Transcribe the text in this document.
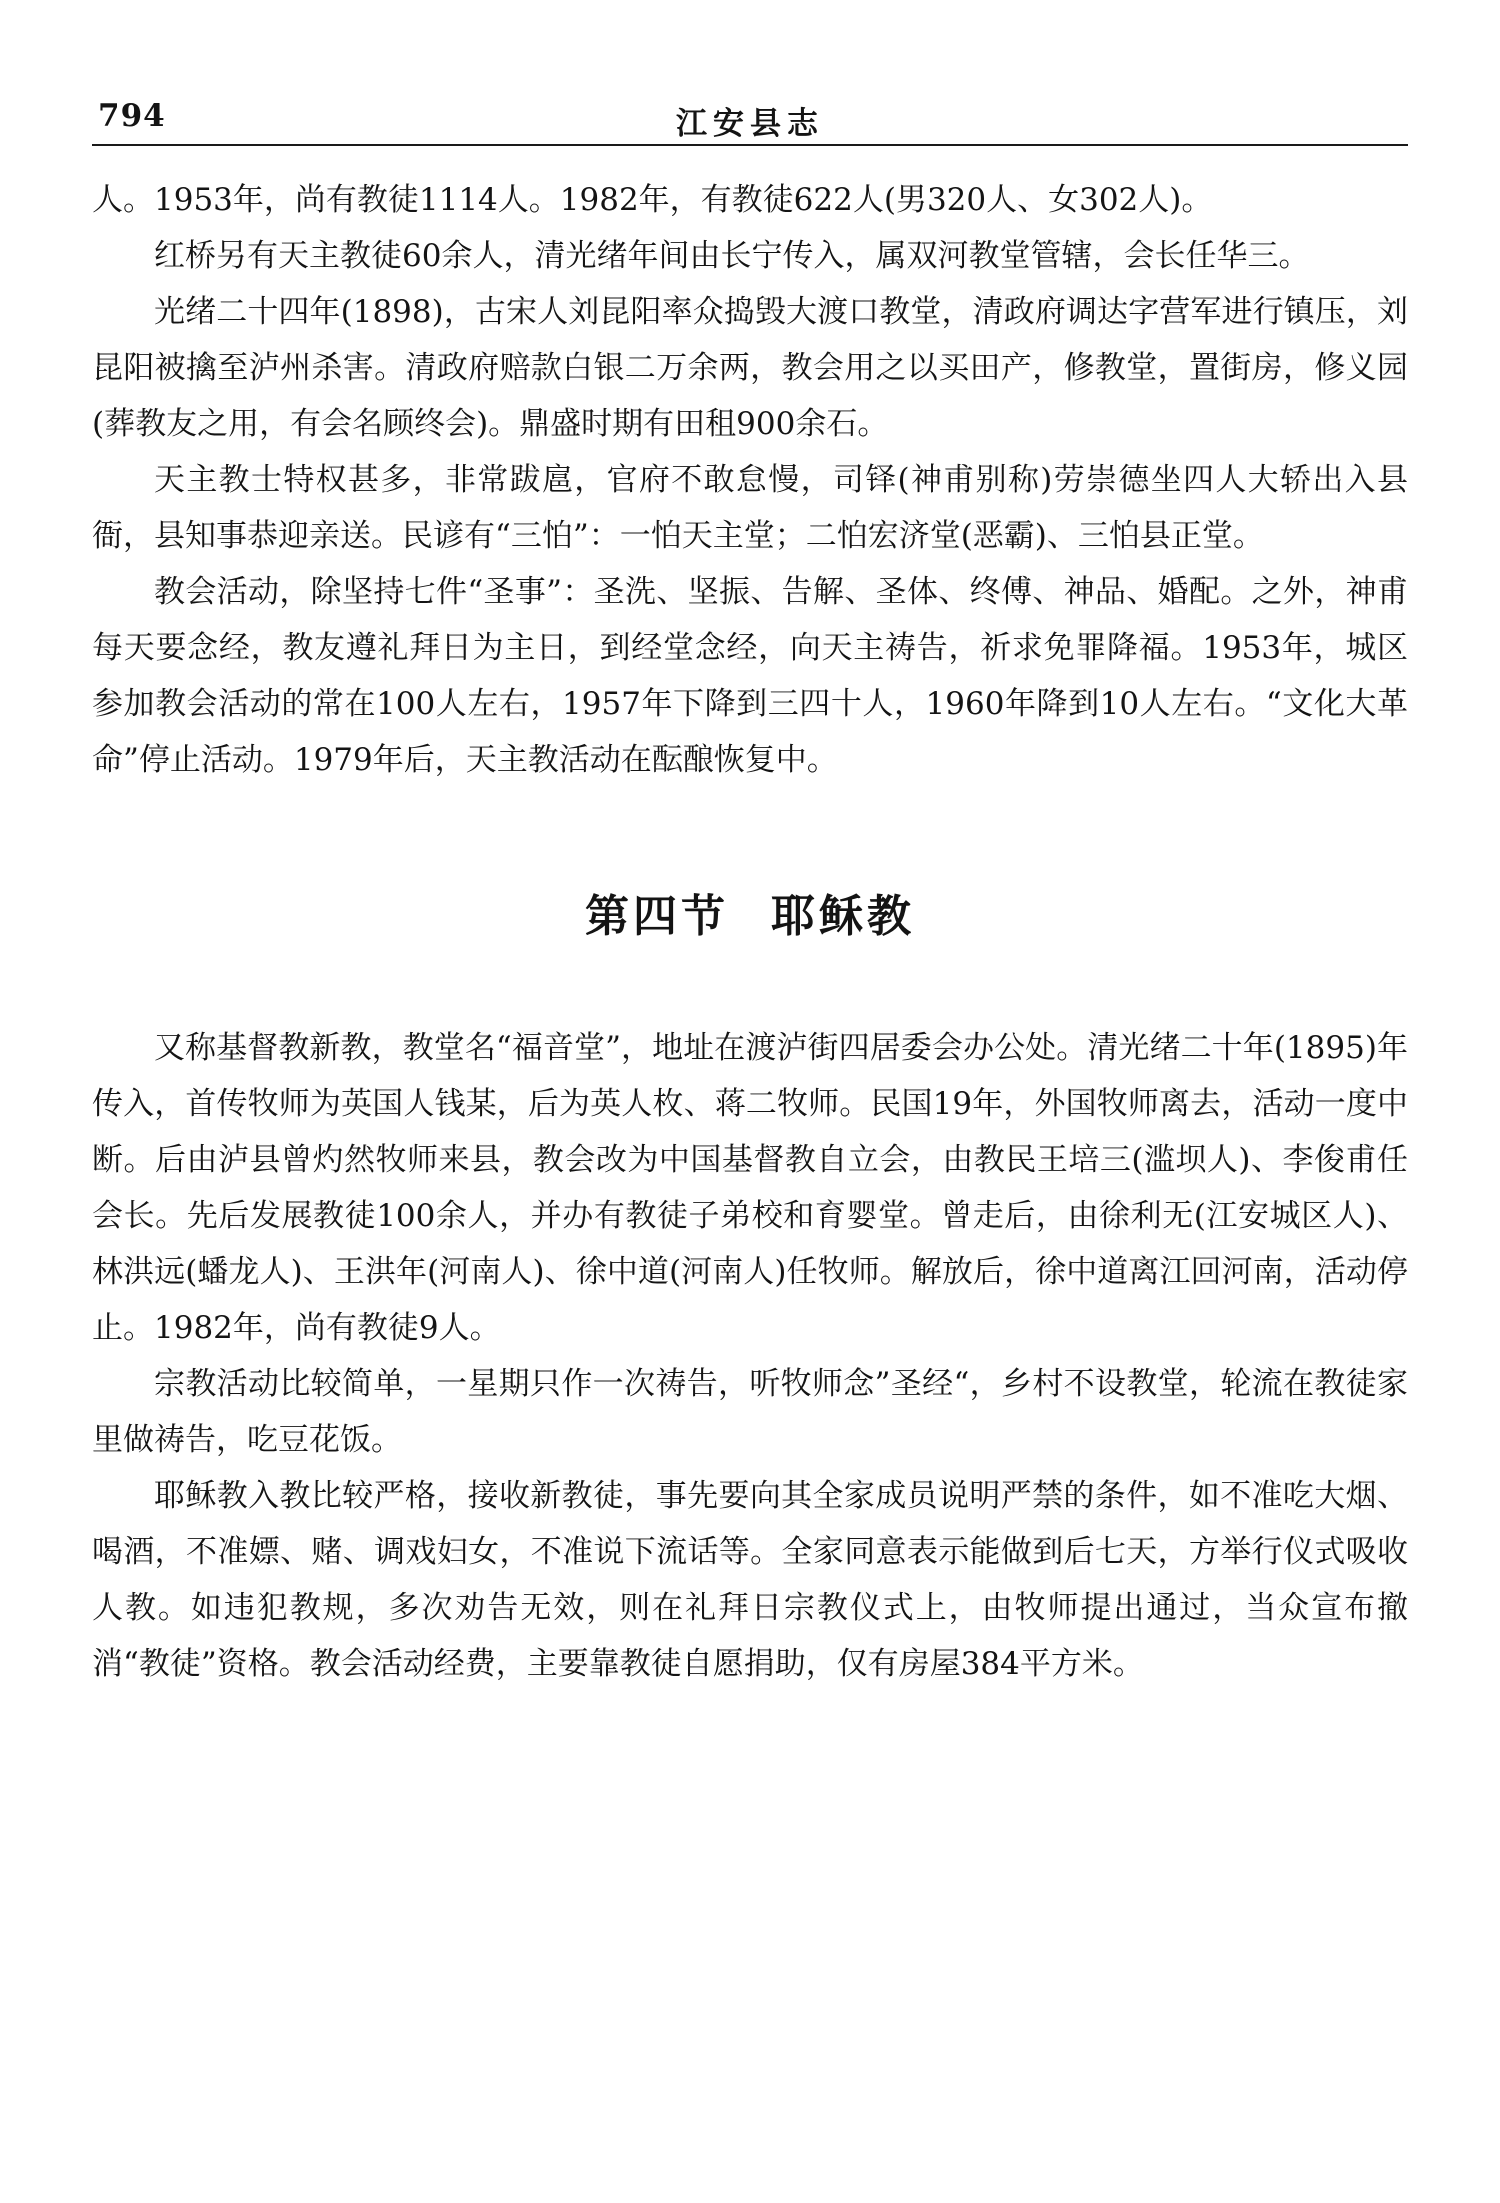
794	江安县志

人。1953年，尚有教徒1114人。1982年，有教徒622人(男320人、女302人)。

红桥另有天主教徒60余人，清光绪年间由长宁传入，属双河教堂管辖，会长任华三。

光绪二十四年(1898)，古宋人刘昆阳率众捣毁大渡口教堂，清政府调达字营军进行镇压，刘昆阳被擒至泸州杀害。清政府赔款白银二万余两，教会用之以买田产，修教堂，置街房，修义园(葬教友之用，有会名顾终会)。鼎盛时期有田租900余石。

天主教士特权甚多，非常跋扈，官府不敢怠慢，司铎(神甫别称)劳崇德坐四人大轿出入县衙，县知事恭迎亲送。民谚有“三怕”：一怕天主堂；二怕宏济堂(恶霸)、三怕县正堂。

教会活动，除坚持七件“圣事”：圣洗、坚振、告解、圣体、终傅、神品、婚配。之外，神甫每天要念经，教友遵礼拜日为主日，到经堂念经，向天主祷告，祈求免罪降福。1953年，城区参加教会活动的常在100人左右，1957年下降到三四十人，1960年降到10人左右。“文化大革命”停止活动。1979年后，天主教活动在酝酿恢复中。

第四节 耶稣教

又称基督教新教，教堂名“福音堂”，地址在渡泸街四居委会办公处。清光绪二十年(1895)年传入，首传牧师为英国人钱某，后为英人枚、蒋二牧师。民国19年，外国牧师离去，活动一度中断。后由泸县曾灼然牧师来县，教会改为中国基督教自立会，由教民王培三(滥坝人)、李俊甫任会长。先后发展教徒100余人，并办有教徒子弟校和育婴堂。曾走后，由徐利无(江安城区人)、林洪远(蟠龙人)、王洪年(河南人)、徐中道(河南人)任牧师。解放后，徐中道离江回河南，活动停止。1982年，尚有教徒9人。

宗教活动比较简单，一星期只作一次祷告，听牧师念”圣经“，乡村不设教堂，轮流在教徒家里做祷告，吃豆花饭。

耶稣教入教比较严格，接收新教徒，事先要向其全家成员说明严禁的条件，如不准吃大烟、喝酒，不准嫖、赌、调戏妇女，不准说下流话等。全家同意表示能做到后七天，方举行仪式吸收人教。如违犯教规，多次劝告无效，则在礼拜日宗教仪式上，由牧师提出通过，当众宣布撤消“教徒”资格。教会活动经费，主要靠教徒自愿捐助，仅有房屋384平方米。
